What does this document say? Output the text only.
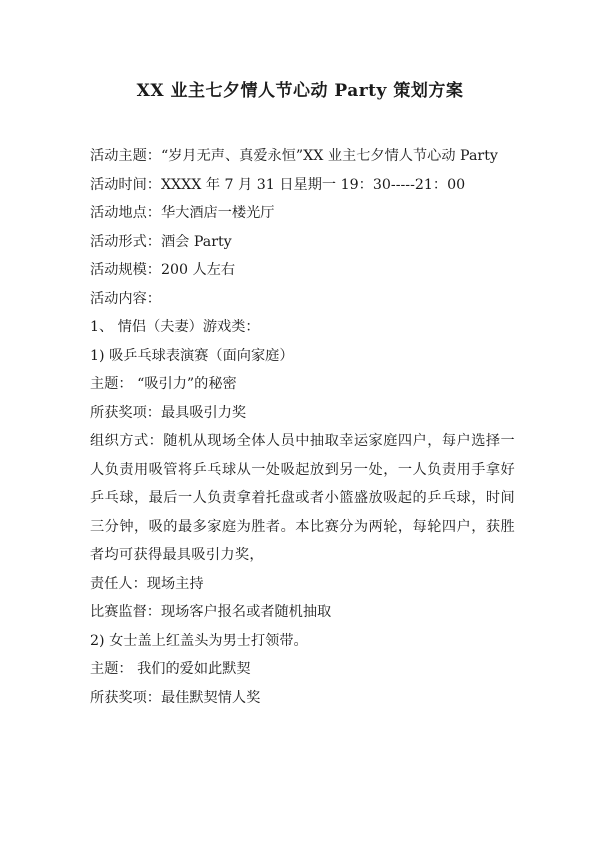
XX 业主七夕情人节心动 Party 策划方案

活动主题：“岁月无声、真爱永恒”XX 业主七夕情人节心动 Party

活动时间：XXXX 年 7 月 31 日星期一 19：30-----21：00

活动地点：华大酒店一楼光厅

活动形式：酒会 Party

活动规模：200 人左右

活动内容：

1、 情侣（夫妻）游戏类：

1) 吸乒乓球表演赛（面向家庭）

主题： “吸引力”的秘密

所获奖项：最具吸引力奖

组织方式：随机从现场全体人员中抽取幸运家庭四户，每户选择一人负责用吸管将乒乓球从一处吸起放到另一处，一人负责用手拿好乒乓球，最后一人负责拿着托盘或者小篮盛放吸起的乒乓球，时间三分钟，吸的最多家庭为胜者。本比赛分为两轮，每轮四户，获胜者均可获得最具吸引力奖，

责任人：现场主持

比赛监督：现场客户报名或者随机抽取

2) 女士盖上红盖头为男士打领带。

主题： 我们的爱如此默契

所获奖项：最佳默契情人奖
